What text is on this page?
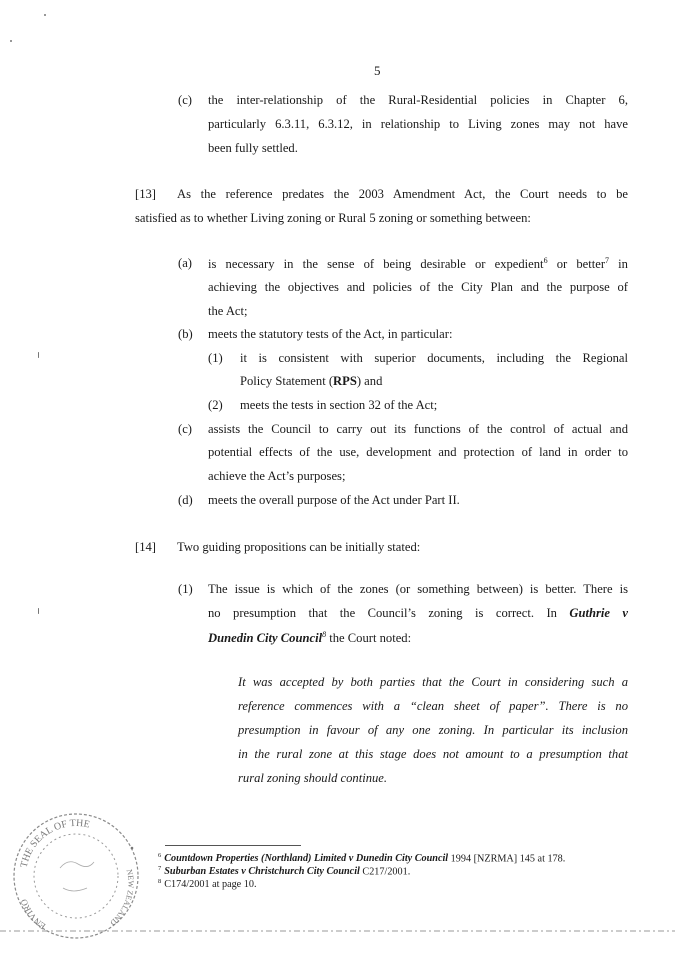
5
(c) the inter-relationship of the Rural-Residential policies in Chapter 6,
particularly 6.3.11, 6.3.12, in relationship to Living zones may not have
been fully settled.
[13] As the reference predates the 2003 Amendment Act, the Court needs to be
satisfied as to whether Living zoning or Rural 5 zoning or something between:
(a) is necessary in the sense of being desirable or expedient$^6$ or better$^7$ in
achieving the objectives and policies of the City Plan and the purpose of
the Act;
(b) meets the statutory tests of the Act, in particular:
(1) it is consistent with superior documents, including the Regional
Policy Statement (RPS) and
(2) meets the tests in section 32 of the Act;
(c) assists the Council to carry out its functions of the control of actual and
potential effects of the use, development and protection of land in order to
achieve the Act’s purposes;
(d) meets the overall purpose of the Act under Part II.
[14] Two guiding propositions can be initially stated:
(1) The issue is which of the zones (or something between) is better. There is
no presumption that the Council’s zoning is correct. In Guthrie v
Dunedin City Council$^8$ the Court noted:
It was accepted by both parties that the Court in considering such a
reference commences with a “clean sheet of paper”. There is no
presumption in favour of any one zoning. In particular its inclusion
in the rural zone at this stage does not amount to a presumption that
rural zoning should continue.
$^6$ Countdown Properties (Northland) Limited v Dunedin City Council 1994 [NZRMA] 145 at 178.
$^7$ Suburban Estates v Christchurch City Council C217/2001.
$^8$ C174/2001 at page 10.
THE SEAL OF THE
ENVIRO
NEW ZEALAND
